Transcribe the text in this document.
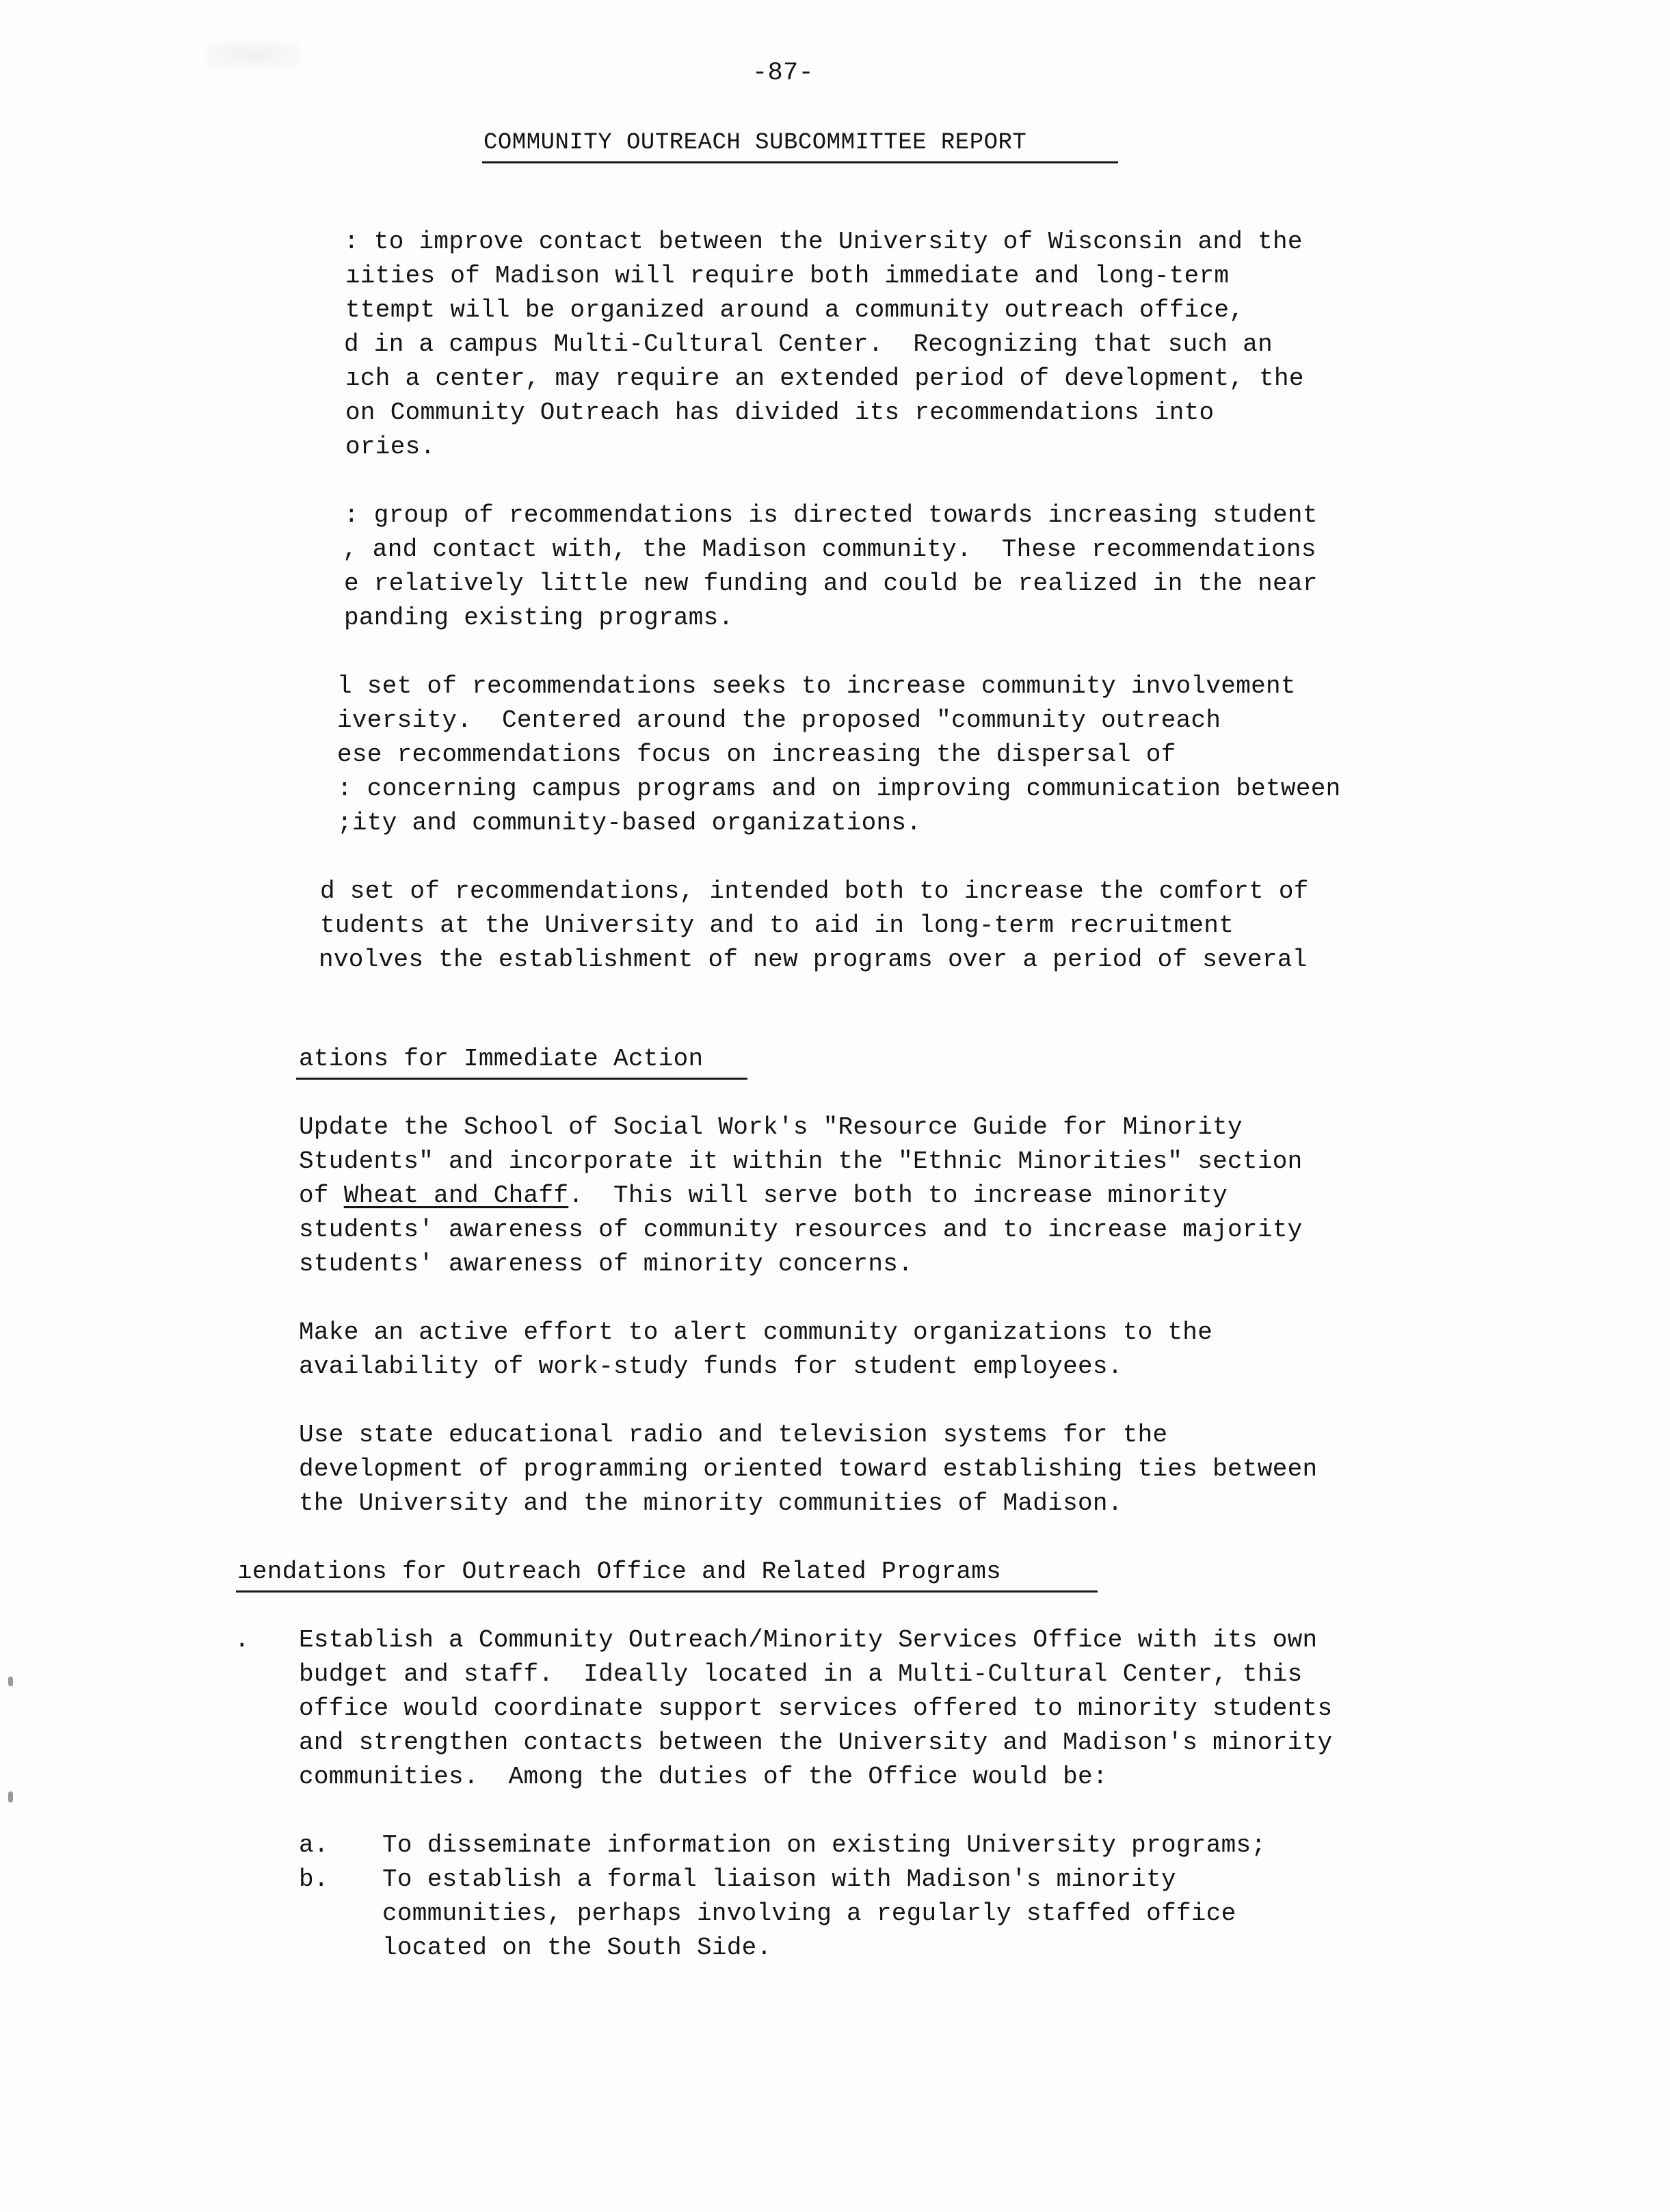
-87-
COMMUNITY OUTREACH SUBCOMMITTEE REPORT
: to improve contact between the University of Wisconsin and the
ıities of Madison will require both immediate and long-term
ttempt will be organized around a community outreach office,
d in a campus Multi-Cultural Center.  Recognizing that such an
ıch a center, may require an extended period of development, the
on Community Outreach has divided its recommendations into
ories.
: group of recommendations is directed towards increasing student
, and contact with, the Madison community.  These recommendations
e relatively little new funding and could be realized in the near
panding existing programs.
l set of recommendations seeks to increase community involvement
iversity.  Centered around the proposed "community outreach
ese recommendations focus on increasing the dispersal of
: concerning campus programs and on improving communication between
;ity and community-based organizations.
d set of recommendations, intended both to increase the comfort of
tudents at the University and to aid in long-term recruitment
nvolves the establishment of new programs over a period of several
ations for Immediate Action
Update the School of Social Work's "Resource Guide for Minority
Students" and incorporate it within the "Ethnic Minorities" section
of Wheat and Chaff.  This will serve both to increase minority
students' awareness of community resources and to increase majority
students' awareness of minority concerns.
Make an active effort to alert community organizations to the
availability of work-study funds for student employees.
Use state educational radio and television systems for the
development of programming oriented toward establishing ties between
the University and the minority communities of Madison.
ıendations for Outreach Office and Related Programs
. Establish a Community Outreach/Minority Services Office with its own
budget and staff.  Ideally located in a Multi-Cultural Center, this
office would coordinate support services offered to minority students
and strengthen contacts between the University and Madison's minority
communities.  Among the duties of the Office would be:
a. To disseminate information on existing University programs;
b. To establish a formal liaison with Madison's minority
communities, perhaps involving a regularly staffed office
located on the South Side.
